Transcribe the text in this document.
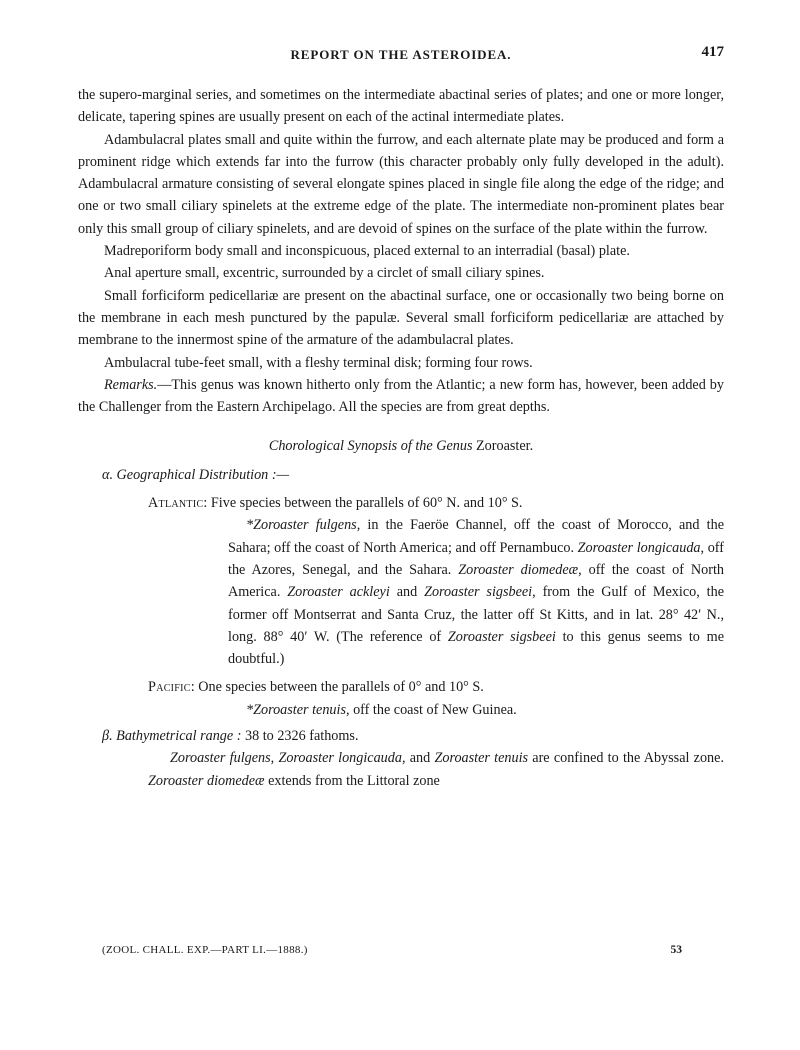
REPORT ON THE ASTEROIDEA.	417

the supero-marginal series, and sometimes on the intermediate abactinal series of plates; and one or more longer, delicate, tapering spines are usually present on each of the actinal intermediate plates.

Adambulacral plates small and quite within the furrow, and each alternate plate may be produced and form a prominent ridge which extends far into the furrow (this character probably only fully developed in the adult). Adambulacral armature consisting of several elongate spines placed in single file along the edge of the ridge; and one or two small ciliary spinelets at the extreme edge of the plate. The intermediate non-prominent plates bear only this small group of ciliary spinelets, and are devoid of spines on the surface of the plate within the furrow.

Madreporiform body small and inconspicuous, placed external to an interradial (basal) plate.

Anal aperture small, excentric, surrounded by a circlet of small ciliary spines.

Small forficiform pedicellariæ are present on the abactinal surface, one or occasionally two being borne on the membrane in each mesh punctured by the papulæ. Several small forficiform pedicellariæ are attached by membrane to the innermost spine of the armature of the adambulacral plates.

Ambulacral tube-feet small, with a fleshy terminal disk; forming four rows.

Remarks.—This genus was known hitherto only from the Atlantic; a new form has, however, been added by the Challenger from the Eastern Archipelago. All the species are from great depths.

Chorological Synopsis of the Genus Zoroaster.

α. Geographical Distribution :—

Atlantic: Five species between the parallels of 60° N. and 10° S.

*Zoroaster fulgens, in the Faeröe Channel, off the coast of Morocco, and the Sahara; off the coast of North America; and off Pernambuco. Zoroaster longicauda, off the Azores, Senegal, and the Sahara. Zoroaster diomedeæ, off the coast of North America. Zoroaster ackleyi and Zoroaster sigsbeei, from the Gulf of Mexico, the former off Montserrat and Santa Cruz, the latter off St Kitts, and in lat. 28° 42′ N., long. 88° 40′ W. (The reference of Zoroaster sigsbeei to this genus seems to me doubtful.)

Pacific: One species between the parallels of 0° and 10° S.

*Zoroaster tenuis, off the coast of New Guinea.

β. Bathymetrical range : 38 to 2326 fathoms.

Zoroaster fulgens, Zoroaster longicauda, and Zoroaster tenuis are confined to the Abyssal zone. Zoroaster diomedeæ extends from the Littoral zone

(ZOOL. CHALL. EXP.—PART LI.—1888.)	53
